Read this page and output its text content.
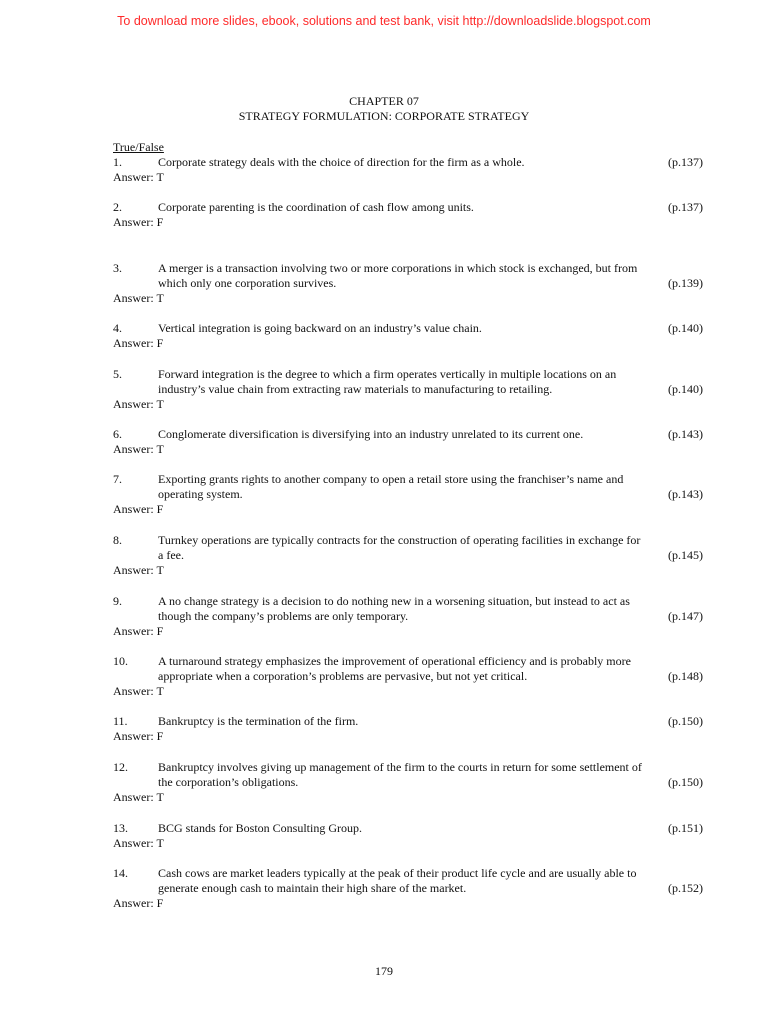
To download more slides, ebook, solutions and test bank, visit http://downloadslide.blogspot.com
CHAPTER 07
STRATEGY FORMULATION: CORPORATE STRATEGY
True/False
1.	Corporate strategy deals with the choice of direction for the firm as a whole.	(p.137)
Answer: T
2.	Corporate parenting is the coordination of cash flow among units.	(p.137)
Answer: F
3.	A merger is a transaction involving two or more corporations in which stock is exchanged, but from which only one corporation survives.	(p.139)
Answer: T
4.	Vertical integration is going backward on an industry’s value chain.	(p.140)
Answer: F
5.	Forward integration is the degree to which a firm operates vertically in multiple locations on an industry’s value chain from extracting raw materials to manufacturing to retailing.	(p.140)
Answer: T
6.	Conglomerate diversification is diversifying into an industry unrelated to its current one.	(p.143)
Answer: T
7.	Exporting grants rights to another company to open a retail store using the franchiser’s name and operating system.	(p.143)
Answer: F
8.	Turnkey operations are typically contracts for the construction of operating facilities in exchange for a fee.	(p.145)
Answer: T
9.	A no change strategy is a decision to do nothing new in a worsening situation, but instead to act as though the company’s problems are only temporary.	(p.147)
Answer: F
10.	A turnaround strategy emphasizes the improvement of operational efficiency and is probably more appropriate when a corporation’s problems are pervasive, but not yet critical.	(p.148)
Answer: T
11.	Bankruptcy is the termination of the firm.	(p.150)
Answer: F
12.	Bankruptcy involves giving up management of the firm to the courts in return for some settlement of the corporation’s obligations.	(p.150)
Answer: T
13.	BCG stands for Boston Consulting Group.	(p.151)
Answer: T
14.	Cash cows are market leaders typically at the peak of their product life cycle and are usually able to generate enough cash to maintain their high share of the market.	(p.152)
Answer: F
179
